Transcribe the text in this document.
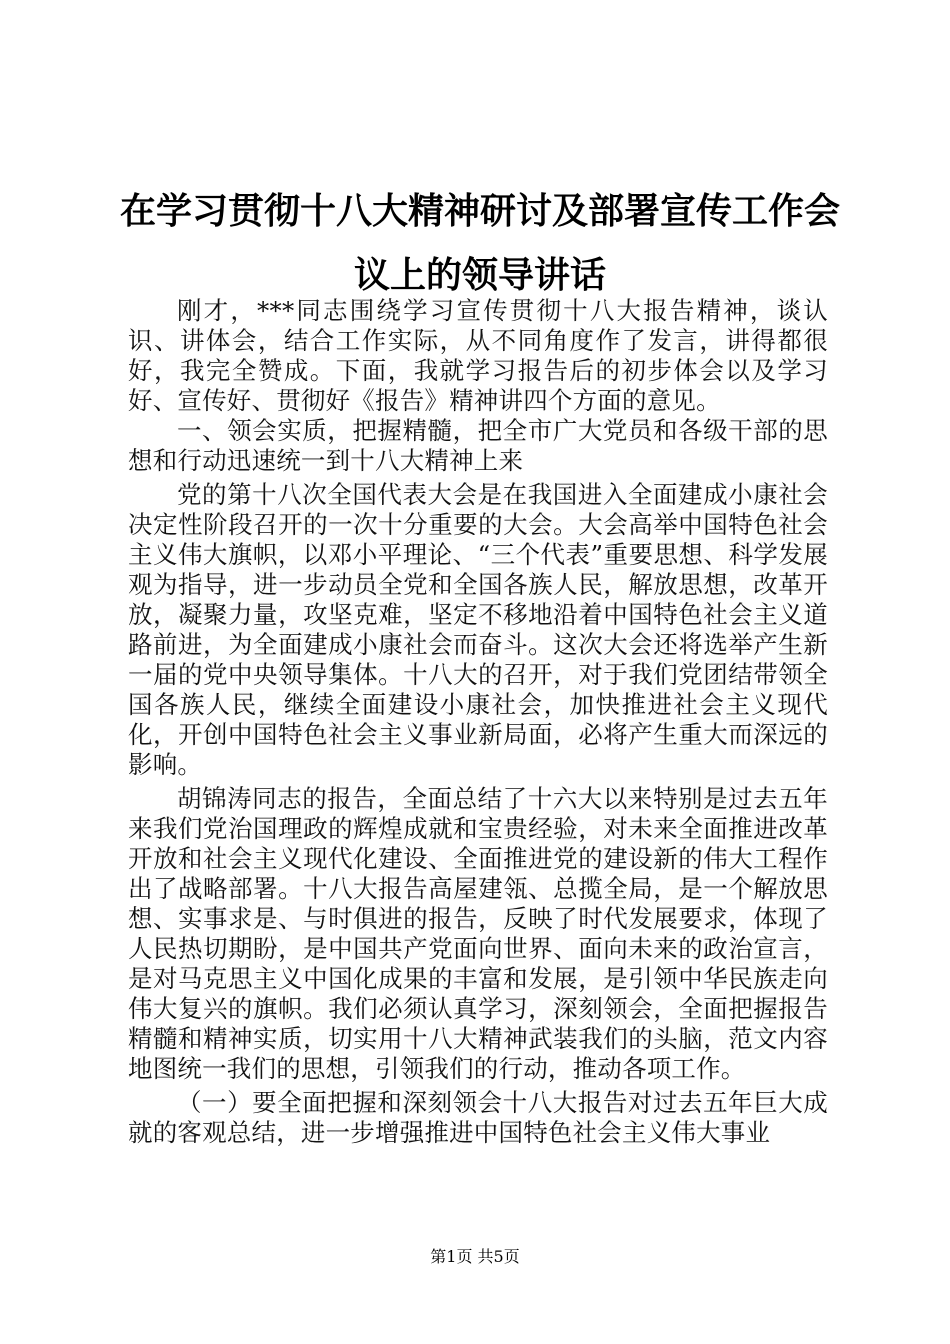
在学习贯彻十八大精神研讨及部署宣传工作会
议上的领导讲话

刚才，***同志围绕学习宣传贯彻十八大报告精神，谈认识、讲体会，结合工作实际，从不同角度作了发言，讲得都很好，我完全赞成。下面，我就学习报告后的初步体会以及学习好、宣传好、贯彻好《报告》精神讲四个方面的意见。

一、领会实质，把握精髓，把全市广大党员和各级干部的思想和行动迅速统一到十八大精神上来

党的第十八次全国代表大会是在我国进入全面建成小康社会决定性阶段召开的一次十分重要的大会。大会高举中国特色社会主义伟大旗帜，以邓小平理论、“三个代表”重要思想、科学发展观为指导，进一步动员全党和全国各族人民，解放思想，改革开放，凝聚力量，攻坚克难，坚定不移地沿着中国特色社会主义道路前进，为全面建成小康社会而奋斗。这次大会还将选举产生新一届的党中央领导集体。十八大的召开，对于我们党团结带领全国各族人民，继续全面建设小康社会，加快推进社会主义现代化，开创中国特色社会主义事业新局面，必将产生重大而深远的影响。

胡锦涛同志的报告，全面总结了十六大以来特别是过去五年来我们党治国理政的辉煌成就和宝贵经验，对未来全面推进改革开放和社会主义现代化建设、全面推进党的建设新的伟大工程作出了战略部署。十八大报告高屋建瓴、总揽全局，是一个解放思想、实事求是、与时俱进的报告，反映了时代发展要求，体现了人民热切期盼，是中国共产党面向世界、面向未来的政治宣言，是对马克思主义中国化成果的丰富和发展，是引领中华民族走向伟大复兴的旗帜。我们必须认真学习，深刻领会，全面把握报告精髓和精神实质，切实用十八大精神武装我们的头脑，范文内容地图统一我们的思想，引领我们的行动，推动各项工作。

（一）要全面把握和深刻领会十八大报告对过去五年巨大成就的客观总结，进一步增强推进中国特色社会主义伟大事业

第1页 共5页
